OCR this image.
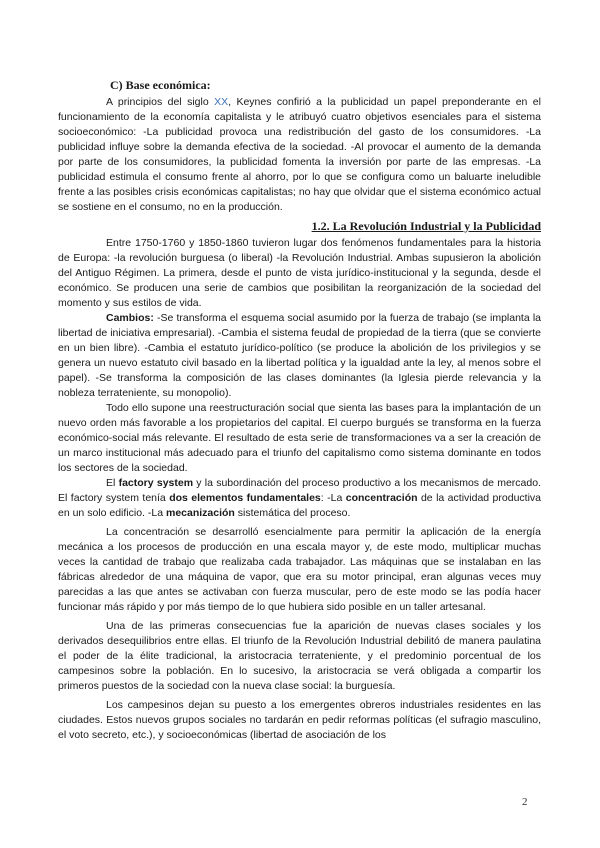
C) Base económica:

A principios del siglo XX, Keynes confirió a la publicidad un papel preponderante en el funcionamiento de la economía capitalista y le atribuyó cuatro objetivos esenciales para el sistema socioeconómico: -La publicidad provoca una redistribución del gasto de los consumidores. -La publicidad influye sobre la demanda efectiva de la sociedad. -Al provocar el aumento de la demanda por parte de los consumidores, la publicidad fomenta la inversión por parte de las empresas. -La publicidad estimula el consumo frente al ahorro, por lo que se configura como un baluarte ineludible frente a las posibles crisis económicas capitalistas; no hay que olvidar que el sistema económico actual se sostiene en el consumo, no en la producción.

1.2. La Revolución Industrial y la Publicidad

Entre 1750-1760 y 1850-1860 tuvieron lugar dos fenómenos fundamentales para la historia de Europa: -la revolución burguesa (o liberal) -la Revolución Industrial. Ambas supusieron la abolición del Antiguo Régimen. La primera, desde el punto de vista jurídico-institucional y la segunda, desde el económico. Se producen una serie de cambios que posibilitan la reorganización de la sociedad del momento y sus estilos de vida.

Cambios: -Se transforma el esquema social asumido por la fuerza de trabajo (se implanta la libertad de iniciativa empresarial). -Cambia el sistema feudal de propiedad de la tierra (que se convierte en un bien libre). -Cambia el estatuto jurídico-político (se produce la abolición de los privilegios y se genera un nuevo estatuto civil basado en la libertad política y la igualdad ante la ley, al menos sobre el papel). -Se transforma la composición de las clases dominantes (la Iglesia pierde relevancia y la nobleza terrateniente, su monopolio).

Todo ello supone una reestructuración social que sienta las bases para la implantación de un nuevo orden más favorable a los propietarios del capital. El cuerpo burgués se transforma en la fuerza económico-social más relevante. El resultado de esta serie de transformaciones va a ser la creación de un marco institucional más adecuado para el triunfo del capitalismo como sistema dominante en todos los sectores de la sociedad.

El factory system y la subordinación del proceso productivo a los mecanismos de mercado. El factory system tenía dos elementos fundamentales: -La concentración de la actividad productiva en un solo edificio. -La mecanización sistemática del proceso.

La concentración se desarrolló esencialmente para permitir la aplicación de la energía mecánica a los procesos de producción en una escala mayor y, de este modo, multiplicar muchas veces la cantidad de trabajo que realizaba cada trabajador. Las máquinas que se instalaban en las fábricas alrededor de una máquina de vapor, que era su motor principal, eran algunas veces muy parecidas a las que antes se activaban con fuerza muscular, pero de este modo se las podía hacer funcionar más rápido y por más tiempo de lo que hubiera sido posible en un taller artesanal.

Una de las primeras consecuencias fue la aparición de nuevas clases sociales y los derivados desequilibrios entre ellas. El triunfo de la Revolución Industrial debilitó de manera paulatina el poder de la élite tradicional, la aristocracia terrateniente, y el predominio porcentual de los campesinos sobre la población. En lo sucesivo, la aristocracia se verá obligada a compartir los primeros puestos de la sociedad con la nueva clase social: la burguesía.

Los campesinos dejan su puesto a los emergentes obreros industriales residentes en las ciudades. Estos nuevos grupos sociales no tardarán en pedir reformas políticas (el sufragio masculino, el voto secreto, etc.), y socioeconómicas (libertad de asociación de los

2
